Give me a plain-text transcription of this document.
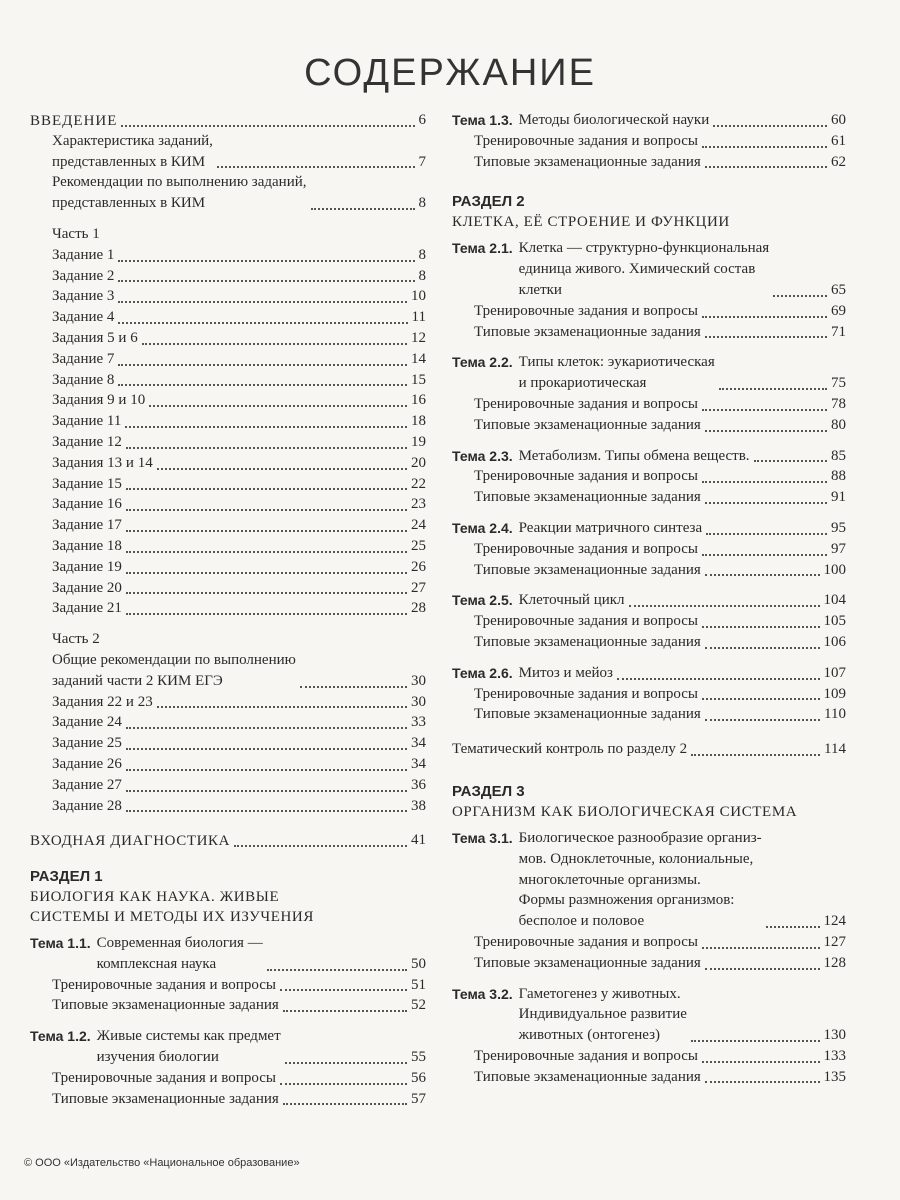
СОДЕРЖАНИЕ
ВВЕДЕНИЕ	6
Характеристика заданий,
представленных в КИМ	7
Рекомендации по выполнению заданий,
представленных в КИМ	8
Часть 1
Задание 1	8
Задание 2	8
Задание 3	10
Задание 4	11
Задания 5 и 6	12
Задание 7	14
Задание 8	15
Задания 9 и 10	16
Задание 11	18
Задание 12	19
Задания 13 и 14	20
Задание 15	22
Задание 16	23
Задание 17	24
Задание 18	25
Задание 19	26
Задание 20	27
Задание 21	28
Часть 2
Общие рекомендации по выполнению
заданий части 2 КИМ ЕГЭ	30
Задания 22 и 23	30
Задание 24	33
Задание 25	34
Задание 26	34
Задание 27	36
Задание 28	38
ВХОДНАЯ ДИАГНОСТИКА	41
РАЗДЕЛ 1
БИОЛОГИЯ КАК НАУКА. ЖИВЫЕ
СИСТЕМЫ И МЕТОДЫ ИХ ИЗУЧЕНИЯ
Тема 1.1. Современная биология —
комплексная наука	50
Тренировочные задания и вопросы	51
Типовые экзаменационные задания	52
Тема 1.2. Живые системы как предмет
изучения биологии	55
Тренировочные задания и вопросы	56
Типовые экзаменационные задания	57
Тема 1.3. Методы биологической науки	60
Тренировочные задания и вопросы	61
Типовые экзаменационные задания	62
РАЗДЕЛ 2
КЛЕТКА, ЕЁ СТРОЕНИЕ И ФУНКЦИИ
Тема 2.1. Клетка — структурно-функциональная
единица живого. Химический состав
клетки	65
Тренировочные задания и вопросы	69
Типовые экзаменационные задания	71
Тема 2.2. Типы клеток: эукариотическая
и прокариотическая	75
Тренировочные задания и вопросы	78
Типовые экзаменационные задания	80
Тема 2.3. Метаболизм. Типы обмена веществ.	85
Тренировочные задания и вопросы	88
Типовые экзаменационные задания	91
Тема 2.4. Реакции матричного синтеза	95
Тренировочные задания и вопросы	97
Типовые экзаменационные задания	100
Тема 2.5. Клеточный цикл	104
Тренировочные задания и вопросы	105
Типовые экзаменационные задания	106
Тема 2.6. Митоз и мейоз	107
Тренировочные задания и вопросы	109
Типовые экзаменационные задания	110
Тематический контроль по разделу 2	114
РАЗДЕЛ 3
ОРГАНИЗМ КАК БИОЛОГИЧЕСКАЯ СИСТЕМА
Тема 3.1. Биологическое разнообразие организ-
мов. Одноклеточные, колониальные,
многоклеточные организмы.
Формы размножения организмов:
бесполое и половое	124
Тренировочные задания и вопросы	127
Типовые экзаменационные задания	128
Тема 3.2. Гаметогенез у животных.
Индивидуальное развитие
животных (онтогенез)	130
Тренировочные задания и вопросы	133
Типовые экзаменационные задания	135
© ООО «Издательство «Национальное образование»
